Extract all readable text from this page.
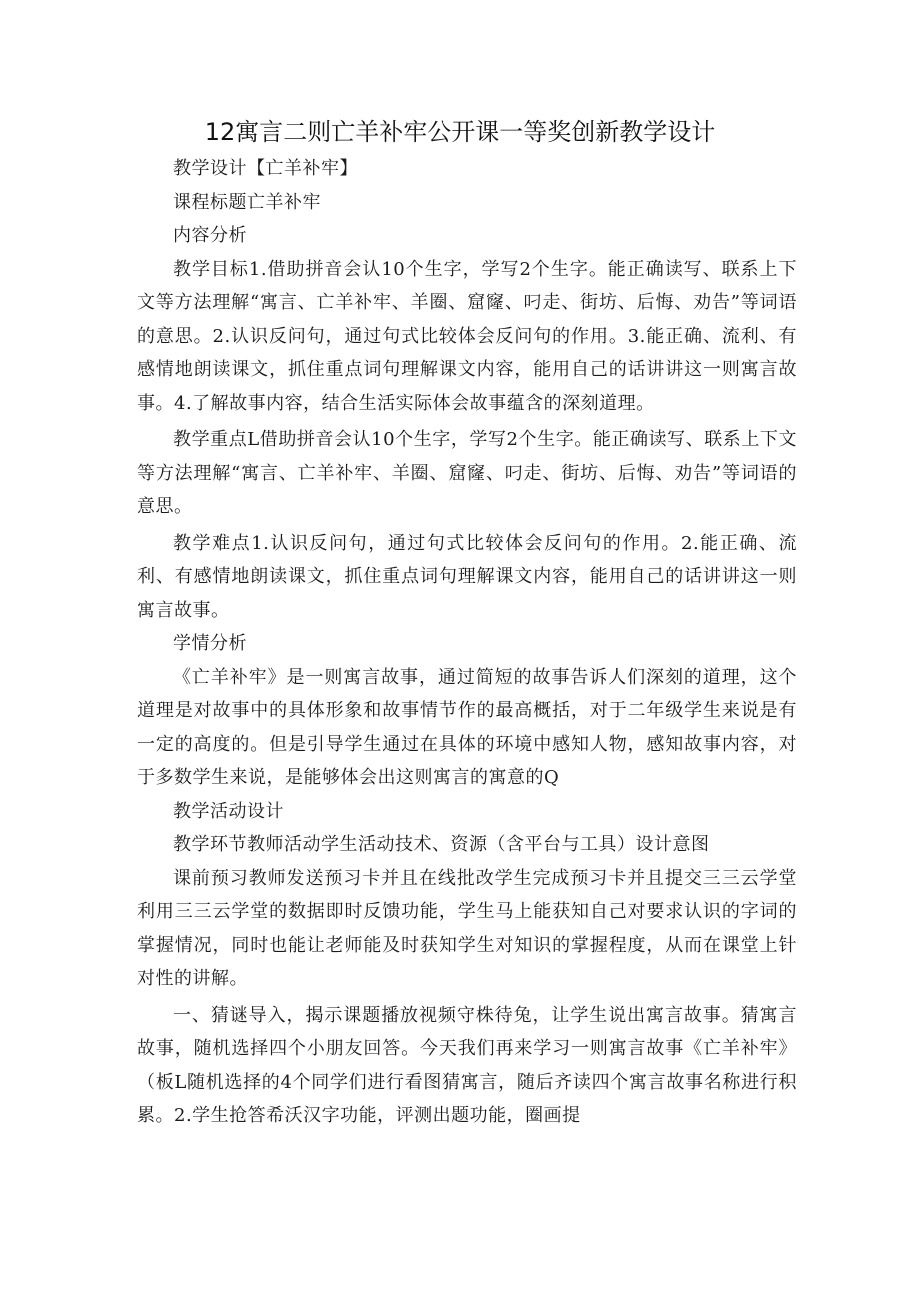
12寓言二则亡羊补牢公开课一等奖创新教学设计

教学设计【亡羊补牢】

课程标题亡羊补牢

内容分析

教学目标1.借助拼音会认10个生字，学写2个生字。能正确读写、联系上下文等方法理解“寓言、亡羊补牢、羊圈、窟窿、叼走、街坊、后悔、劝告”等词语的意思。2.认识反问句，通过句式比较体会反问句的作用。3.能正确、流利、有感情地朗读课文，抓住重点词句理解课文内容，能用自己的话讲讲这一则寓言故事。4.了解故事内容，结合生活实际体会故事蕴含的深刻道理。

教学重点L借助拼音会认10个生字，学写2个生字。能正确读写、联系上下文等方法理解“寓言、亡羊补牢、羊圈、窟窿、叼走、街坊、后悔、劝告”等词语的意思。

教学难点1.认识反问句，通过句式比较体会反问句的作用。2.能正确、流利、有感情地朗读课文，抓住重点词句理解课文内容，能用自己的话讲讲这一则寓言故事。

学情分析

《亡羊补牢》是一则寓言故事，通过简短的故事告诉人们深刻的道理，这个道理是对故事中的具体形象和故事情节作的最高概括，对于二年级学生来说是有一定的高度的。但是引导学生通过在具体的环境中感知人物，感知故事内容，对于多数学生来说，是能够体会出这则寓言的寓意的Q

教学活动设计

教学环节教师活动学生活动技术、资源（含平台与工具）设计意图

课前预习教师发送预习卡并且在线批改学生完成预习卡并且提交三三云学堂利用三三云学堂的数据即时反馈功能，学生马上能获知自己对要求认识的字词的掌握情况，同时也能让老师能及时获知学生对知识的掌握程度，从而在课堂上针对性的讲解。

一、猜谜导入，揭示课题播放视频守株待兔，让学生说出寓言故事。猜寓言故事，随机选择四个小朋友回答。今天我们再来学习一则寓言故事《亡羊补牢》（板L随机选择的4个同学们进行看图猜寓言，随后齐读四个寓言故事名称进行积累。2.学生抢答希沃汉字功能，评测出题功能，圈画提
